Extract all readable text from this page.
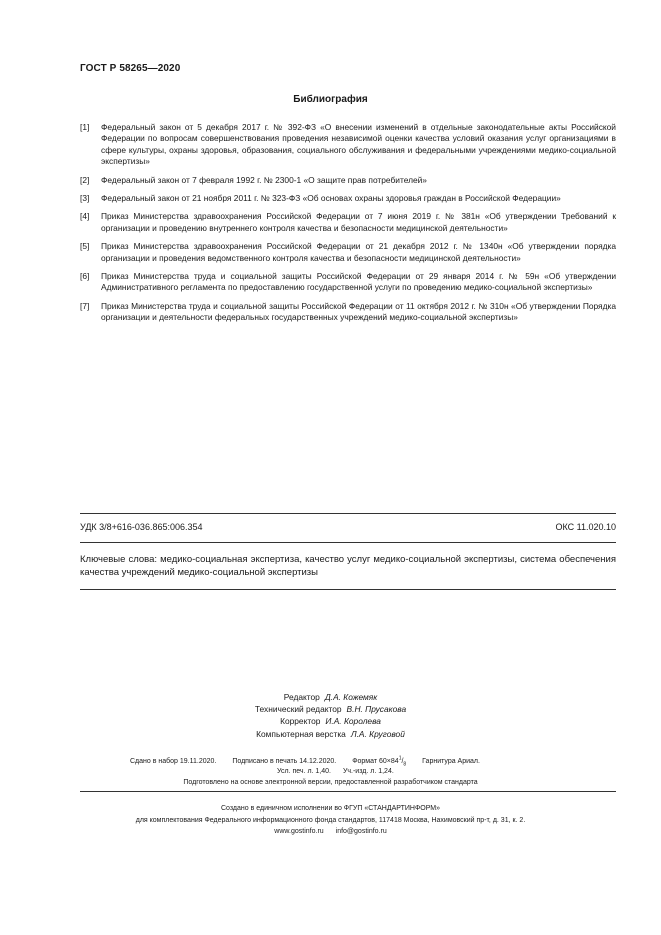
ГОСТ Р 58265—2020
Библиография
[1]	Федеральный закон от 5 декабря 2017 г. № 392-ФЗ «О внесении изменений в отдельные законодательные акты Российской Федерации по вопросам совершенствования проведения независимой оценки качества условий оказания услуг организациями в сфере культуры, охраны здоровья, образования, социального обслуживания и федеральными учреждениями медико-социальной экспертизы»
[2]	Федеральный закон от 7 февраля 1992 г. № 2300-1 «О защите прав потребителей»
[3]	Федеральный закон от 21 ноября 2011 г. № 323-ФЗ «Об основах охраны здоровья граждан в Российской Федерации»
[4]	Приказ Министерства здравоохранения Российской Федерации от 7 июня 2019 г. № 381н «Об утверждении Требований к организации и проведению внутреннего контроля качества и безопасности медицинской деятельности»
[5]	Приказ Министерства здравоохранения Российской Федерации от 21 декабря 2012 г. № 1340н «Об утверждении порядка организации и проведения ведомственного контроля качества и безопасности медицинской деятельности»
[6]	Приказ Министерства труда и социальной защиты Российской Федерации от 29 января 2014 г. № 59н «Об утверждении Административного регламента по предоставлению государственной услуги по проведению медико-социальной экспертизы»
[7]	Приказ Министерства труда и социальной защиты Российской Федерации от 11 октября 2012 г. № 310н «Об утверждении Порядка организации и деятельности федеральных государственных учреждений медико-социальной экспертизы»
УДК 3/8+616-036.865:006.354	ОКС 11.020.10
Ключевые слова: медико-социальная экспертиза, качество услуг медико-социальной экспертизы, система обеспечения качества учреждений медико-социальной экспертизы
Редактор Д.А. Кожемяк
Технический редактор В.Н. Прусакова
Корректор И.А. Королева
Компьютерная верстка Л.А. Круговой
Сдано в набор 19.11.2020. Подписано в печать 14.12.2020. Формат $60\times 84^1/_8$ Гарнитура Ариал.
Усл. печ. л. 1,40. Уч.-изд. л. 1,24.
Подготовлено на основе электронной версии, предоставленной разработчиком стандарта
Создано в единичном исполнении во ФГУП «СТАНДАРТИНФОРМ»
для комплектования Федерального информационного фонда стандартов, 117418 Москва, Нахимовский пр-т, д. 31, к. 2.
www.gostinfo.ru info@gostinfo.ru
